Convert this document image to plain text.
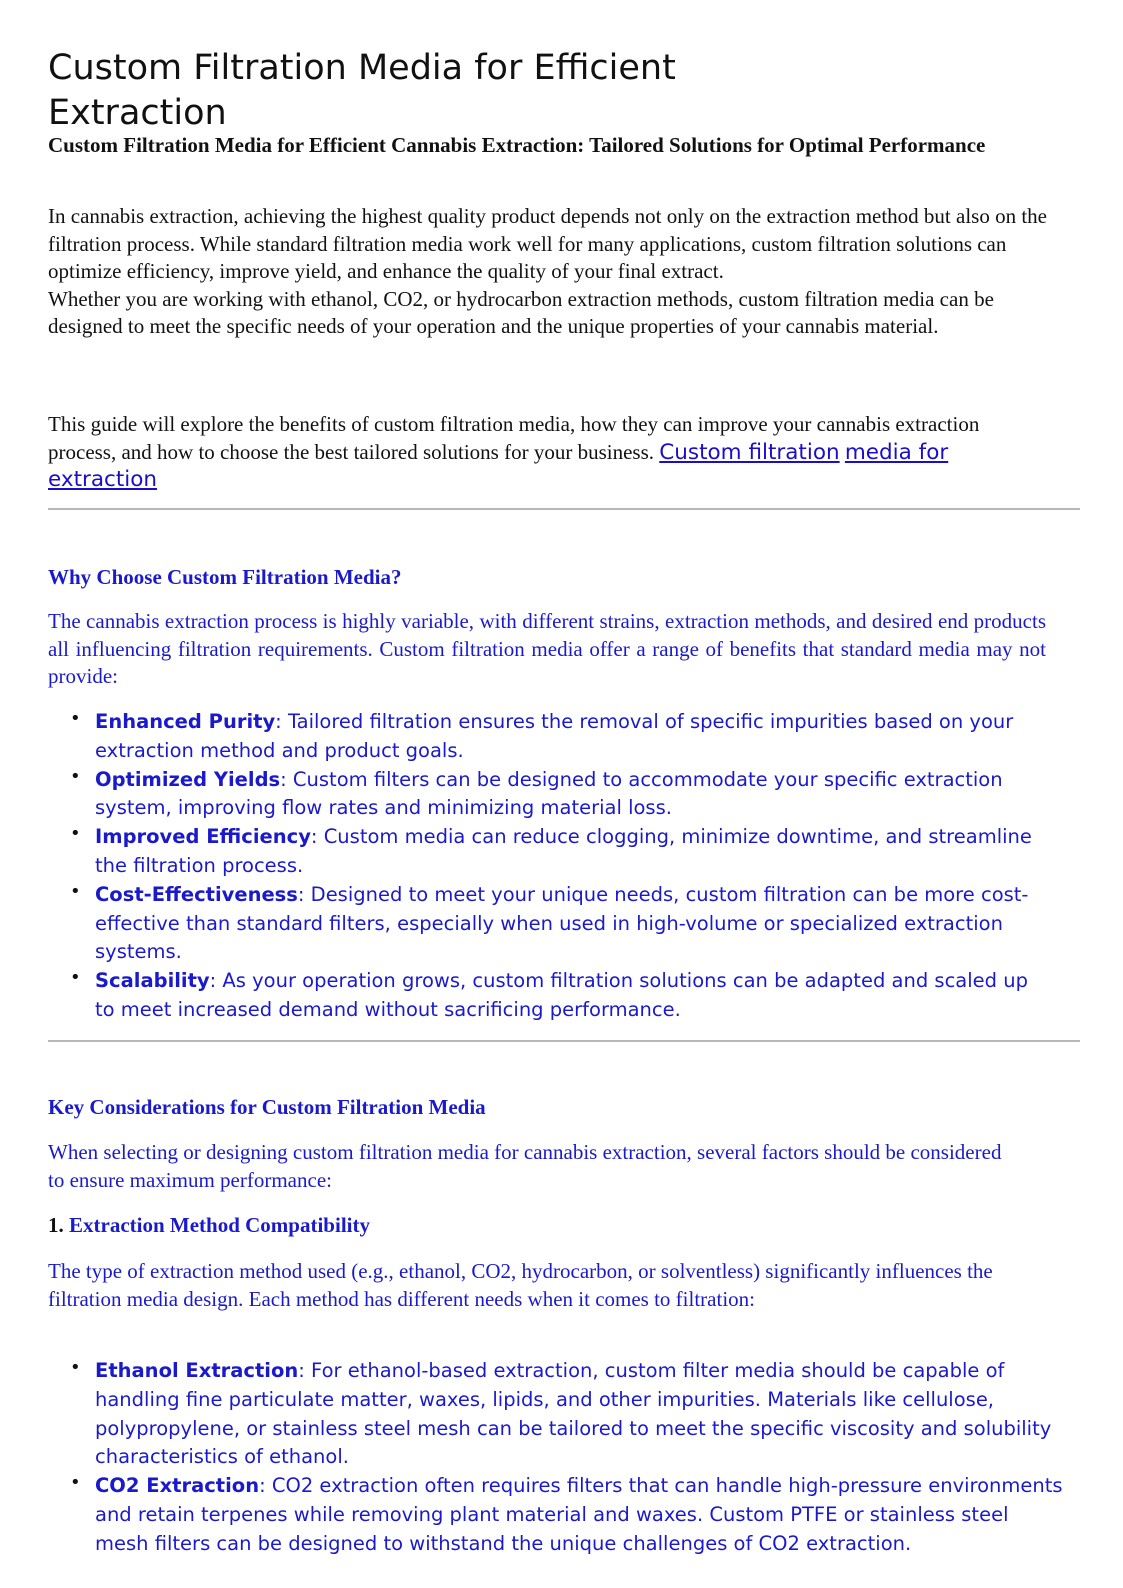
Custom Filtration Media for Efficient Extraction
Custom Filtration Media for Efficient Cannabis Extraction: Tailored Solutions for Optimal Performance

In cannabis extraction, achieving the highest quality product depends not only on the extraction method but also on the filtration process. While standard filtration media work well for many applications, custom filtration solutions can optimize efficiency, improve yield, and enhance the quality of your final extract.

Whether you are working with ethanol, CO2, or hydrocarbon extraction methods, custom filtration media can be designed to meet the specific needs of your operation and the unique properties of your cannabis material.

This guide will explore the benefits of custom filtration media, how they can improve your cannabis extraction process, and how to choose the best tailored solutions for your business. Custom filtration media for extraction

Why Choose Custom Filtration Media?

The cannabis extraction process is highly variable, with different strains, extraction methods, and desired end products all influencing filtration requirements. Custom filtration media offer a range of benefits that standard media may not provide:

• Enhanced Purity: Tailored filtration ensures the removal of specific impurities based on your extraction method and product goals.
• Optimized Yields: Custom filters can be designed to accommodate your specific extraction system, improving flow rates and minimizing material loss.
• Improved Efficiency: Custom media can reduce clogging, minimize downtime, and streamline the filtration process.
• Cost-Effectiveness: Designed to meet your unique needs, custom filtration can be more cost-effective than standard filters, especially when used in high-volume or specialized extraction systems.
• Scalability: As your operation grows, custom filtration solutions can be adapted and scaled up to meet increased demand without sacrificing performance.
Key Considerations for Custom Filtration Media

When selecting or designing custom filtration media for cannabis extraction, several factors should be considered to ensure maximum performance:

1. Extraction Method Compatibility

The type of extraction method used (e.g., ethanol, CO2, hydrocarbon, or solventless) significantly influences the filtration media design. Each method has different needs when it comes to filtration:

• Ethanol Extraction: For ethanol-based extraction, custom filter media should be capable of handling fine particulate matter, waxes, lipids, and other impurities. Materials like cellulose, polypropylene, or stainless steel mesh can be tailored to meet the specific viscosity and solubility characteristics of ethanol.
• CO2 Extraction: CO2 extraction often requires filters that can handle high-pressure environments and retain terpenes while removing plant material and waxes. Custom PTFE or stainless steel mesh filters can be designed to withstand the unique challenges of CO2 extraction.
